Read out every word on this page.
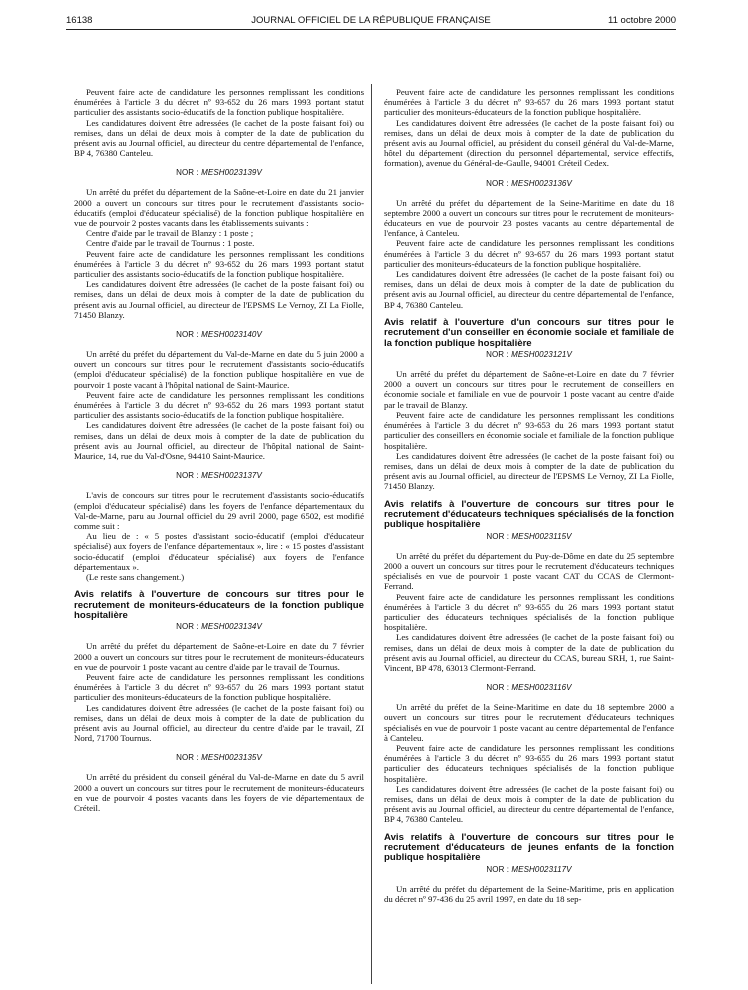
16138	JOURNAL OFFICIEL DE LA RÉPUBLIQUE FRANÇAISE	11 octobre 2000

Peuvent faire acte de candidature les personnes remplissant les conditions énumérées à l'article 3 du décret nº 93-652 du 26 mars 1993 portant statut particulier des assistants socio-éducatifs de la fonction publique hospitalière.

Les candidatures doivent être adressées (le cachet de la poste faisant foi) ou remises, dans un délai de deux mois à compter de la date de publication du présent avis au Journal officiel, au directeur du centre départemental de l'enfance, BP 4, 76380 Canteleu.

NOR : MESH0023139V

Un arrêté du préfet du département de la Saône-et-Loire en date du 21 janvier 2000 a ouvert un concours sur titres pour le recrutement d'assistants socio-éducatifs (emploi d'éducateur spécialisé) de la fonction publique hospitalière en vue de pourvoir 2 postes vacants dans les établissements suivants :

Centre d'aide par le travail de Blanzy : 1 poste ;

Centre d'aide par le travail de Tournus : 1 poste.

Peuvent faire acte de candidature les personnes remplissant les conditions énumérées à l'article 3 du décret nº 93-652 du 26 mars 1993 portant statut particulier des assistants socio-éducatifs de la fonction publique hospitalière.

Les candidatures doivent être adressées (le cachet de la poste faisant foi) ou remises, dans un délai de deux mois à compter de la date de publication du présent avis au Journal officiel, au directeur de l'EPSMS Le Vernoy, ZI La Fiolle, 71450 Blanzy.

NOR : MESH0023140V

Un arrêté du préfet du département du Val-de-Marne en date du 5 juin 2000 a ouvert un concours sur titres pour le recrutement d'assistants socio-éducatifs (emploi d'éducateur spécialisé) de la fonction publique hospitalière en vue de pourvoir 1 poste vacant à l'hôpital national de Saint-Maurice.

Peuvent faire acte de candidature les personnes remplissant les conditions énumérées à l'article 3 du décret nº 93-652 du 26 mars 1993 portant statut particulier des assistants socio-éducatifs de la fonction publique hospitalière.

Les candidatures doivent être adressées (le cachet de la poste faisant foi) ou remises, dans un délai de deux mois à compter de la date de publication du présent avis au Journal officiel, au directeur de l'hôpital national de Saint-Maurice, 14, rue du Val-d'Osne, 94410 Saint-Maurice.

NOR : MESH0023137V

L'avis de concours sur titres pour le recrutement d'assistants socio-éducatifs (emploi d'éducateur spécialisé) dans les foyers de l'enfance départementaux du Val-de-Marne, paru au Journal officiel du 29 avril 2000, page 6502, est modifié comme suit :

Au lieu de : « 5 postes d'assistant socio-éducatif (emploi d'éducateur spécialisé) aux foyers de l'enfance départementaux », lire : « 15 postes d'assistant socio-éducatif (emploi d'éducateur spécialisé) aux foyers de l'enfance départementaux ».

(Le reste sans changement.)

Avis relatifs à l'ouverture de concours sur titres pour le recrutement de moniteurs-éducateurs de la fonction publique hospitalière
NOR : MESH0023134V

Un arrêté du préfet du département de Saône-et-Loire en date du 7 février 2000 a ouvert un concours sur titres pour le recrutement de moniteurs-éducateurs en vue de pourvoir 1 poste vacant au centre d'aide par le travail de Tournus.

Peuvent faire acte de candidature les personnes remplissant les conditions énumérées à l'article 3 du décret nº 93-657 du 26 mars 1993 portant statut particulier des moniteurs-éducateurs de la fonction publique hospitalière.

Les candidatures doivent être adressées (le cachet de la poste faisant foi) ou remises, dans un délai de deux mois à compter de la date de publication du présent avis au Journal officiel, au directeur du centre d'aide par le travail, ZI Nord, 71700 Tournus.

NOR : MESH0023135V

Un arrêté du président du conseil général du Val-de-Marne en date du 5 avril 2000 a ouvert un concours sur titres pour le recrutement de moniteurs-éducateurs en vue de pourvoir 4 postes vacants dans les foyers de vie départementaux de Créteil.

Peuvent faire acte de candidature les personnes remplissant les conditions énumérées à l'article 3 du décret nº 93-657 du 26 mars 1993 portant statut particulier des moniteurs-éducateurs de la fonction publique hospitalière.

Les candidatures doivent être adressées (le cachet de la poste faisant foi) ou remises, dans un délai de deux mois à compter de la date de publication du présent avis au Journal officiel, au président du conseil général du Val-de-Marne, hôtel du département (direction du personnel départemental, service effectifs, formation), avenue du Général-de-Gaulle, 94001 Créteil Cedex.

NOR : MESH0023136V

Un arrêté du préfet du département de la Seine-Maritime en date du 18 septembre 2000 a ouvert un concours sur titres pour le recrutement de moniteurs-éducateurs en vue de pourvoir 23 postes vacants au centre départemental de l'enfance, à Canteleu.

Peuvent faire acte de candidature les personnes remplissant les conditions énumérées à l'article 3 du décret nº 93-657 du 26 mars 1993 portant statut particulier des moniteurs-éducateurs de la fonction publique hospitalière.

Les candidatures doivent être adressées (le cachet de la poste faisant foi) ou remises, dans un délai de deux mois à compter de la date de publication du présent avis au Journal officiel, au directeur du centre départemental de l'enfance, BP 4, 76380 Canteleu.

Avis relatif à l'ouverture d'un concours sur titres pour le recrutement d'un conseiller en économie sociale et familiale de la fonction publique hospitalière
NOR : MESH0023121V

Un arrêté du préfet du département de Saône-et-Loire en date du 7 février 2000 a ouvert un concours sur titres pour le recrutement de conseillers en économie sociale et familiale en vue de pourvoir 1 poste vacant au centre d'aide par le travail de Blanzy.

Peuvent faire acte de candidature les personnes remplissant les conditions énumérées à l'article 3 du décret nº 93-653 du 26 mars 1993 portant statut particulier des conseillers en économie sociale et familiale de la fonction publique hospitalière.

Les candidatures doivent être adressées (le cachet de la poste faisant foi) ou remises, dans un délai de deux mois à compter de la date de publication du présent avis au Journal officiel, au directeur de l'EPSMS Le Vernoy, ZI La Fiolle, 71450 Blanzy.

Avis relatifs à l'ouverture de concours sur titres pour le recrutement d'éducateurs techniques spécialisés de la fonction publique hospitalière
NOR : MESH0023115V

Un arrêté du préfet du département du Puy-de-Dôme en date du 25 septembre 2000 a ouvert un concours sur titres pour le recrutement d'éducateurs techniques spécialisés en vue de pourvoir 1 poste vacant CAT du CCAS de Clermont-Ferrand.

Peuvent faire acte de candidature les personnes remplissant les conditions énumérées à l'article 3 du décret nº 93-655 du 26 mars 1993 portant statut particulier des éducateurs techniques spécialisés de la fonction publique hospitalière.

Les candidatures doivent être adressées (le cachet de la poste faisant foi) ou remises, dans un délai de deux mois à compter de la date de publication du présent avis au Journal officiel, au directeur du CCAS, bureau SRH, 1, rue Saint-Vincent, BP 478, 63013 Clermont-Ferrand.

NOR : MESH0023116V

Un arrêté du préfet de la Seine-Maritime en date du 18 septembre 2000 a ouvert un concours sur titres pour le recrutement d'éducateurs techniques spécialisés en vue de pourvoir 1 poste vacant au centre départemental de l'enfance à Canteleu.

Peuvent faire acte de candidature les personnes remplissant les conditions énumérées à l'article 3 du décret nº 93-655 du 26 mars 1993 portant statut particulier des éducateurs techniques spécialisés de la fonction publique hospitalière.

Les candidatures doivent être adressées (le cachet de la poste faisant foi) ou remises, dans un délai de deux mois à compter de la date de publication du présent avis au Journal officiel, au directeur du centre départemental de l'enfance, BP 4, 76380 Canteleu.

Avis relatifs à l'ouverture de concours sur titres pour le recrutement d'éducateurs de jeunes enfants de la fonction publique hospitalière
NOR : MESH0023117V

Un arrêté du préfet du département de la Seine-Maritime, pris en application du décret nº 97-436 du 25 avril 1997, en date du 18 sep-
